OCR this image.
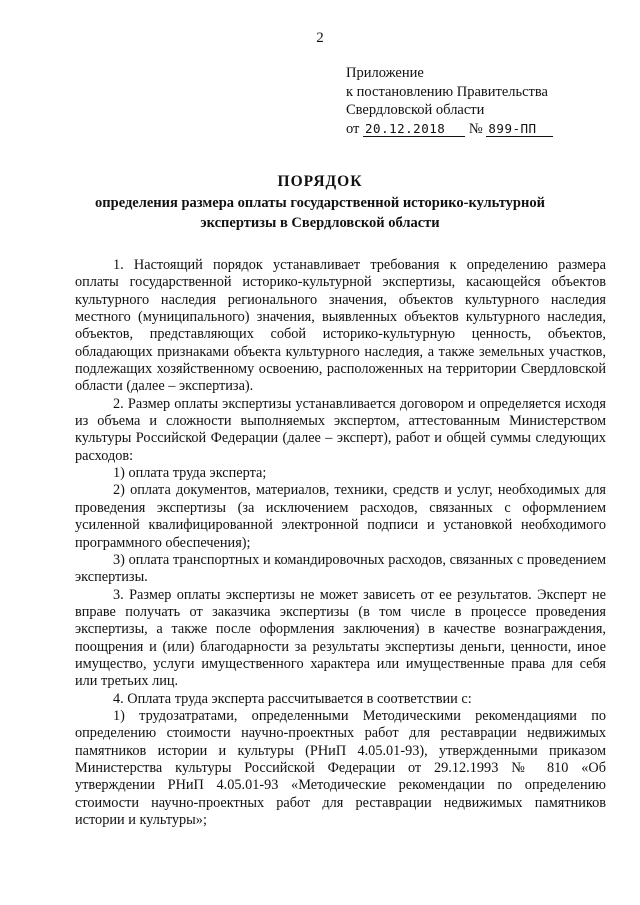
2
Приложение
к постановлению Правительства
Свердловской области
от 20.12.2018 № 899-ПП
ПОРЯДОК
определения размера оплаты государственной историко-культурной
экспертизы в Свердловской области

1. Настоящий порядок устанавливает требования к определению размера оплаты государственной историко-культурной экспертизы, касающейся объектов культурного наследия регионального значения, объектов культурного наследия местного (муниципального) значения, выявленных объектов культурного наследия, объектов, представляющих собой историко-культурную ценность, объектов, обладающих признаками объекта культурного наследия, а также земельных участков, подлежащих хозяйственному освоению, расположенных на территории Свердловской области (далее – экспертиза).

2. Размер оплаты экспертизы устанавливается договором и определяется исходя из объема и сложности выполняемых экспертом, аттестованным Министерством культуры Российской Федерации (далее – эксперт), работ и общей суммы следующих расходов:

1) оплата труда эксперта;

2) оплата документов, материалов, техники, средств и услуг, необходимых для проведения экспертизы (за исключением расходов, связанных с оформлением усиленной квалифицированной электронной подписи и установкой необходимого программного обеспечения);

3) оплата транспортных и командировочных расходов, связанных с проведением экспертизы.

3. Размер оплаты экспертизы не может зависеть от ее результатов. Эксперт не вправе получать от заказчика экспертизы (в том числе в процессе проведения экспертизы, а также после оформления заключения) в качестве вознаграждения, поощрения и (или) благодарности за результаты экспертизы деньги, ценности, иное имущество, услуги имущественного характера или имущественные права для себя или третьих лиц.

4. Оплата труда эксперта рассчитывается в соответствии с:

1) трудозатратами, определенными Методическими рекомендациями по определению стоимости научно-проектных работ для реставрации недвижимых памятников истории и культуры (РНиП 4.05.01-93), утвержденными приказом Министерства культуры Российской Федерации от 29.12.1993 № 810 «Об утверждении РНиП 4.05.01-93 «Методические рекомендации по определению стоимости научно-проектных работ для реставрации недвижимых памятников истории и культуры»;
